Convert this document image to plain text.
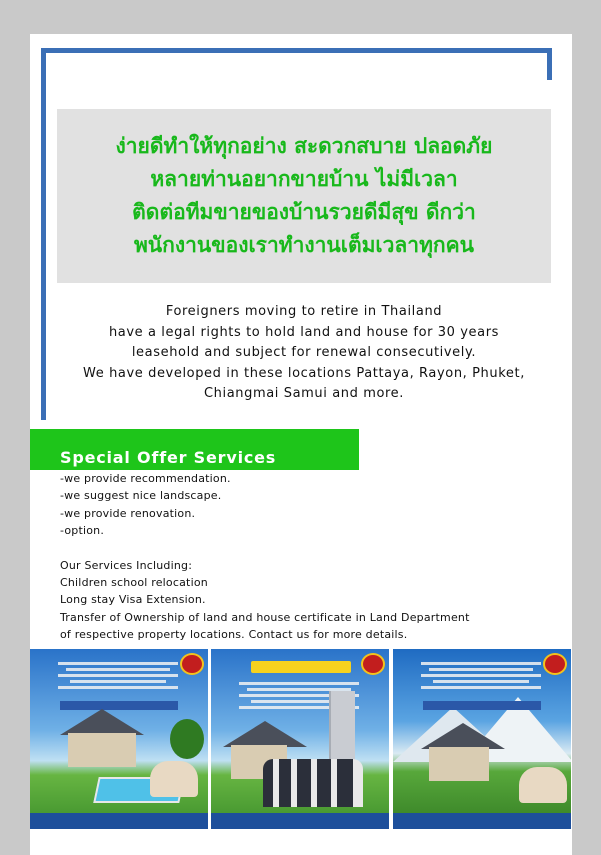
ง่ายดีทำให้ทุกอย่าง สะดวกสบาย ปลอดภัย
หลายท่านอยากขายบ้าน ไม่มีเวลา
ติดต่อทีมขายของบ้านรวยดีมีสุข ดีกว่า
พนักงานของเราทำงานเต็มเวลาทุกคน
Foreigners moving to retire in Thailand
have a legal rights to hold land and house for 30 years
leasehold and subject for renewal consecutively.
We have developed in these locations Pattaya, Rayon, Phuket,
Chiangmai Samui and more.
Special Offer Services
-we provide recommendation.
-we suggest nice landscape.
-we provide renovation.
-option.
Our Services Including:
Children school relocation
Long stay Visa Extension.
Transfer of Ownership of land and house certificate in Land Department
of respective property locations. Contact us for more details.
